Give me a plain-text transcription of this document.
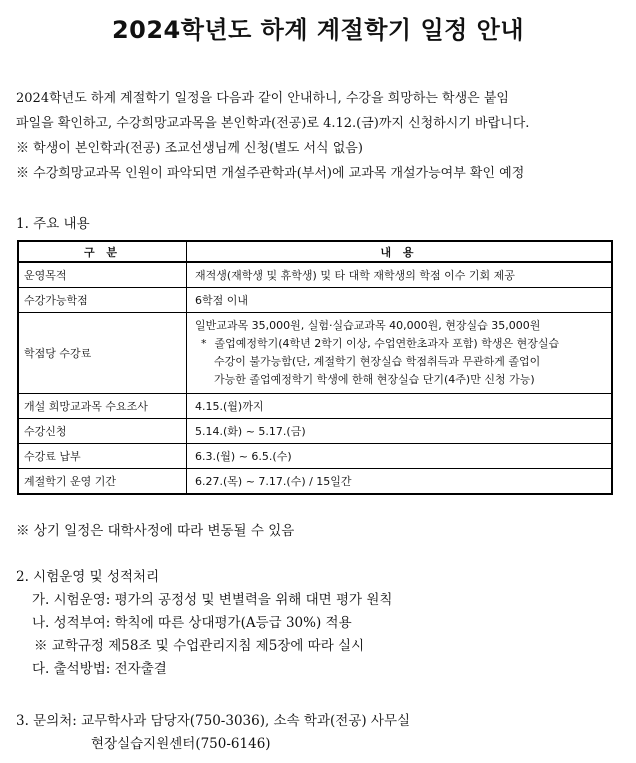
2024학년도 하계 계절학기 일정 안내

2024학년도 하계 계절학기 일정을 다음과 같이 안내하니, 수강을 희망하는 학생은 붙임

파일을 확인하고, 수강희망교과목을 본인학과(전공)로 4.12.(금)까지 신청하시기 바랍니다.

※ 학생이 본인학과(전공) 조교선생님께 신청(별도 서식 없음)

※ 수강희망교과목 인원이 파악되면 개설주관학과(부서)에 교과목 개설가능여부 확인 예정

1. 주요 내용
구 분	내 용
운영목적	재적생(재학생 및 휴학생) 및 타 대학 재학생의 학점 이수 기회 제공
수강가능학점	6학점 이내
학점당 수강료	일반교과목 35,000원, 실험·실습교과목 40,000원, 현장실습 35,000원
* 졸업예정학기(4학년 2학기 이상, 수업연한초과자 포함) 학생은 현장실습
수강이 불가능함(단, 계절학기 현장실습 학점취득과 무관하게 졸업이
가능한 졸업예정학기 학생에 한해 현장실습 단기(4주)만 신청 가능)

개설 희망교과목 수요조사	4.15.(월)까지
수강신청	5.14.(화) ~ 5.17.(금)
수강료 납부	6.3.(월) ~ 6.5.(수)
계절학기 운영 기간	6.27.(목) ~ 7.17.(수) / 15일간
※ 상기 일정은 대학사정에 따라 변동될 수 있음
2. 시험운영 및 성적처리
가. 시험운영: 평가의 공정성 및 변별력을 위해 대면 평가 원칙
나. 성적부여: 학칙에 따른 상대평가(A등급 30%) 적용
※ 교학규정 제58조 및 수업관리지침 제5장에 따라 실시
다. 출석방법: 전자출결
3. 문의처: 교무학사과 담당자(750-3036), 소속 학과(전공) 사무실
현장실습지원센터(750-6146)
